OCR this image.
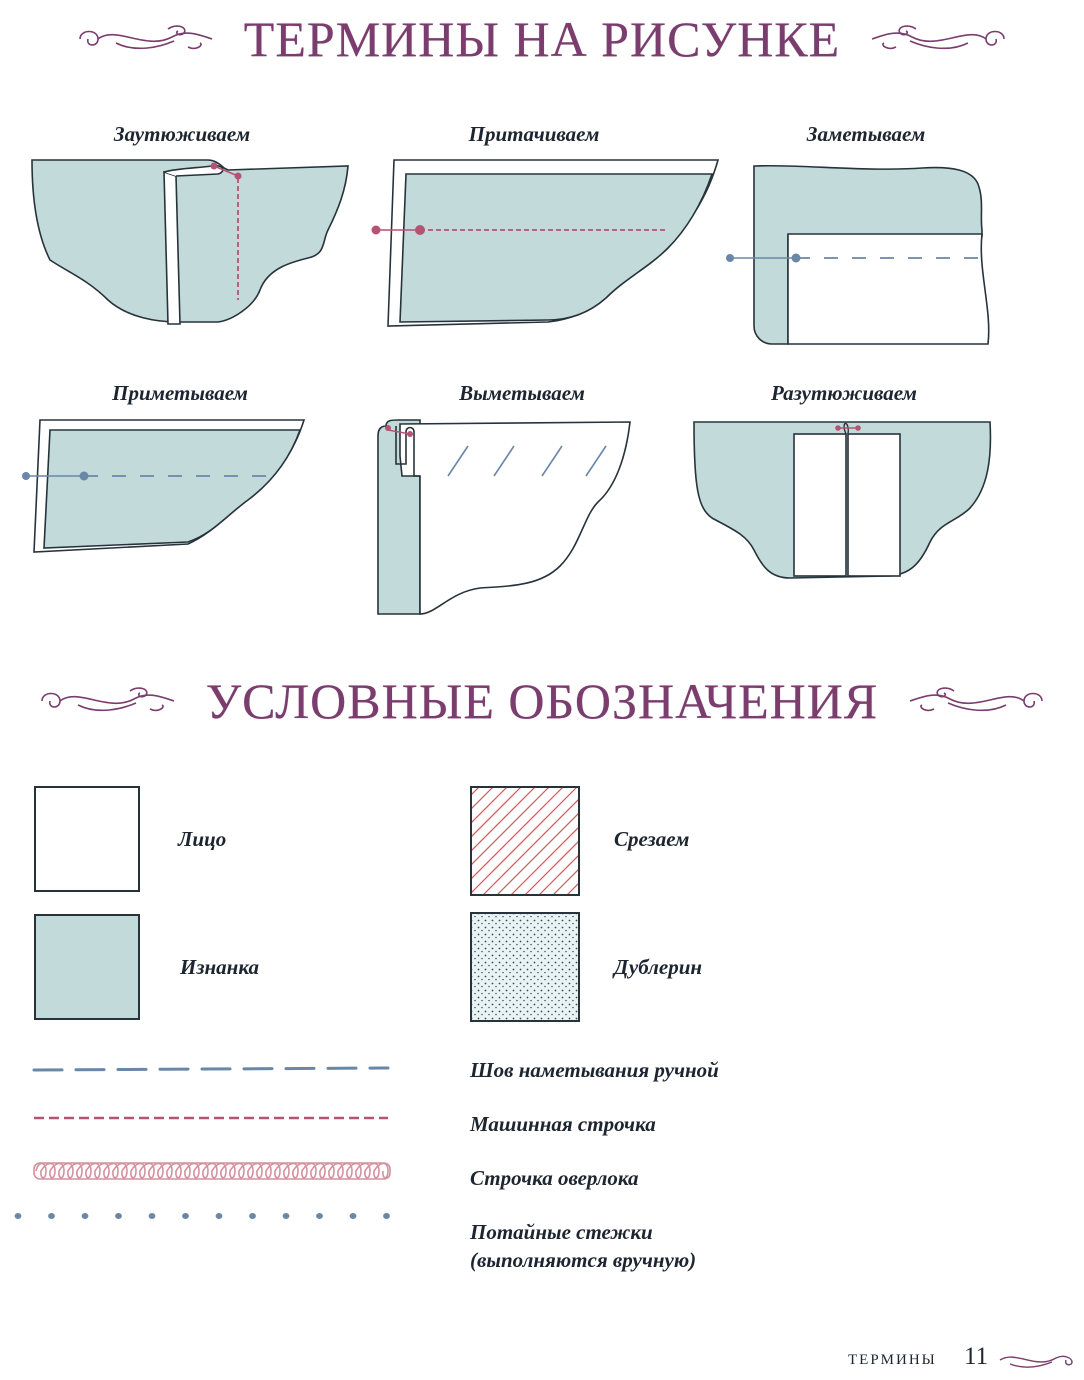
ТЕРМИНЫ НА РИСУНКЕ
Заутюживаем	Притачиваем	Заметываем
Приметываем	Выметываем	Разутюживаем
УСЛОВНЫЕ ОБОЗНАЧЕНИЯ
Лицо
Изнанка
Срезаем
Дублерин
Шов наметывания ручной
Машинная строчка
Строчка оверлока
Потайные стежки
(выполняются вручную)
ТЕРМИНЫ 11
